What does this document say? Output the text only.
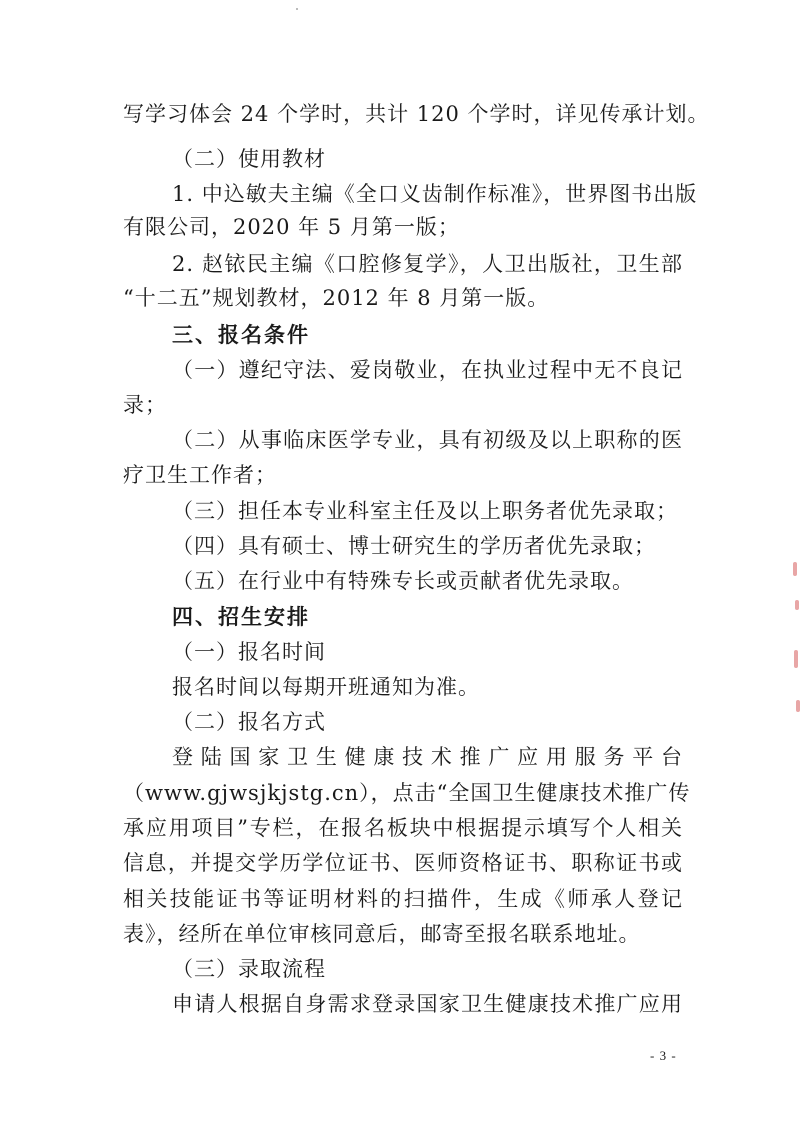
写学习体会 24 个学时，共计 120 个学时，详见传承计划。
（二）使用教材
1. 中込敏夫主编《全口义齿制作标准》，世界图书出版
有限公司，2020 年 5 月第一版；
2. 赵铱民主编《口腔修复学》，人卫出版社，卫生部
“十二五”规划教材，2012 年 8 月第一版。
三、报名条件
（一）遵纪守法、爱岗敬业，在执业过程中无不良记
录；
（二）从事临床医学专业，具有初级及以上职称的医
疗卫生工作者；
（三）担任本专业科室主任及以上职务者优先录取；
（四）具有硕士、博士研究生的学历者优先录取；
（五）在行业中有特殊专长或贡献者优先录取。
四、招生安排
（一）报名时间
报名时间以每期开班通知为准。
（二）报名方式
登陆国家卫生健康技术推广应用服务平台
（www.gjwsjkjstg.cn），点击“全国卫生健康技术推广传
承应用项目”专栏，在报名板块中根据提示填写个人相关
信息，并提交学历学位证书、医师资格证书、职称证书或
相关技能证书等证明材料的扫描件，生成《师承人登记
表》，经所在单位审核同意后，邮寄至报名联系地址。
（三）录取流程
申请人根据自身需求登录国家卫生健康技术推广应用
- 3 -
